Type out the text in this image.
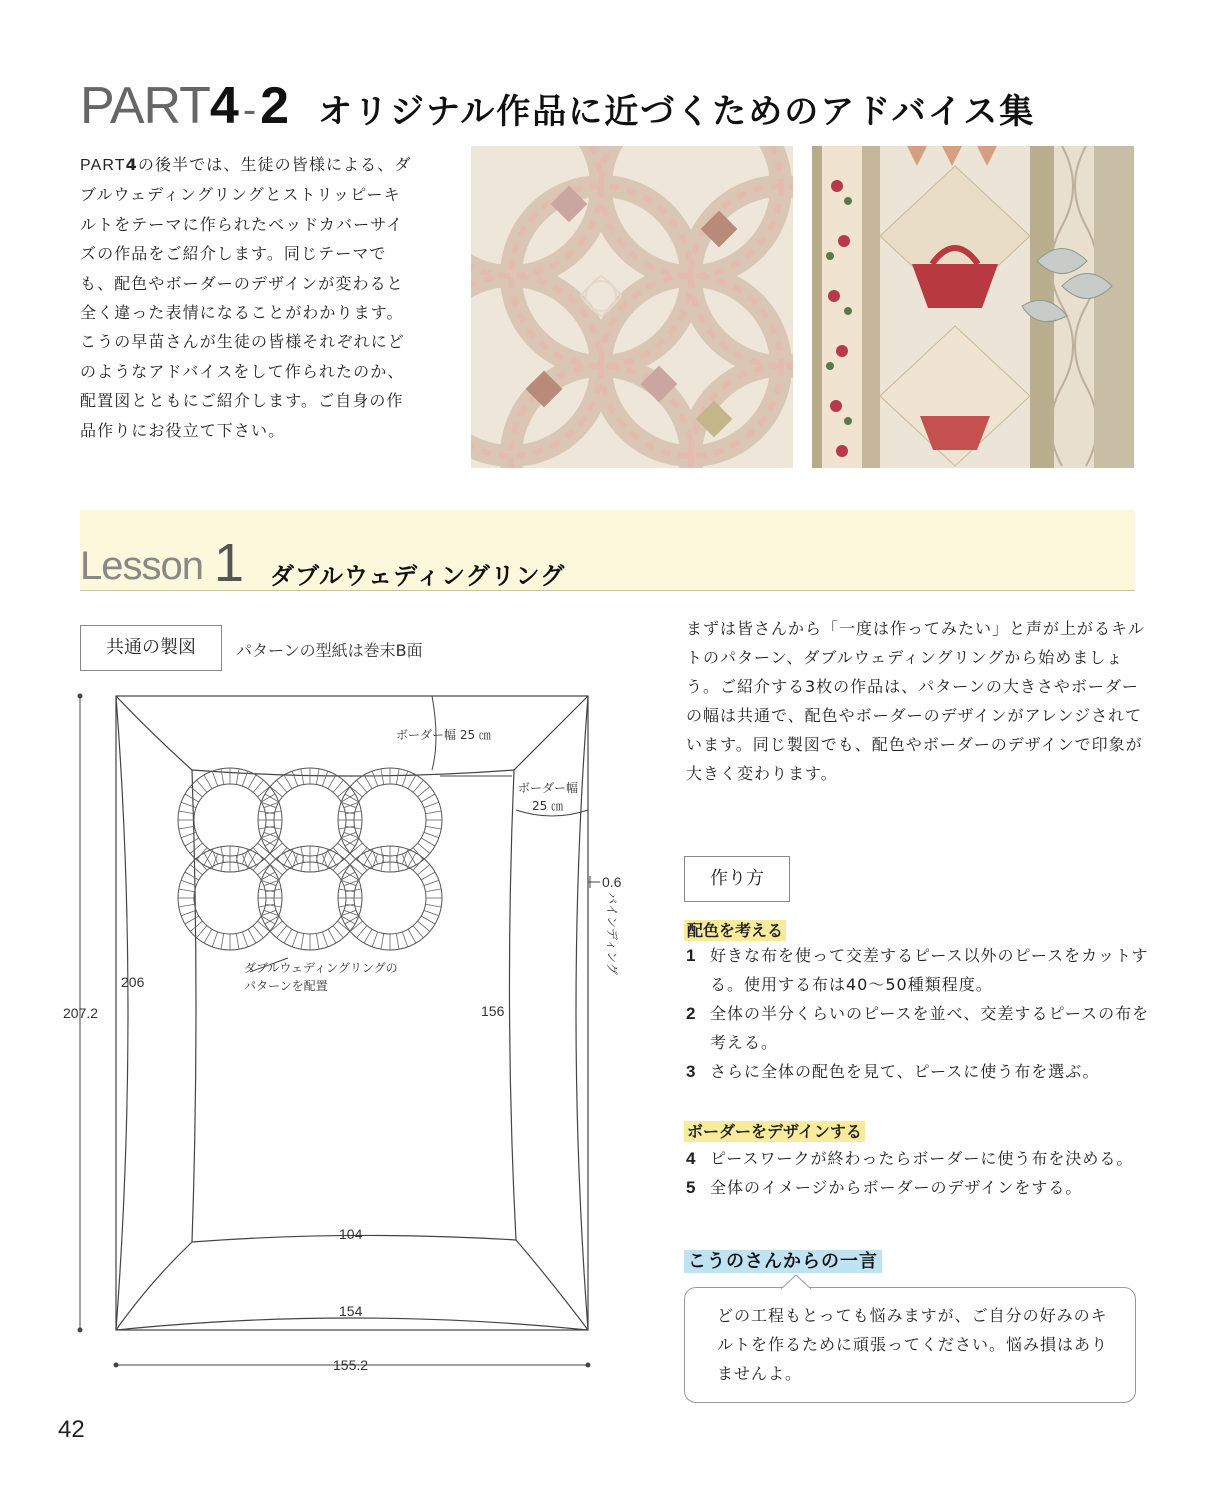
PART4 -2 オリジナル作品に近づくためのアドバイス集
PART4の後半では、生徒の皆様による、ダブルウェディングリングとストリッピーキルトをテーマに作られたベッドカバーサイズの作品をご紹介します。同じテーマでも、配色やボーダーのデザインが変わると全く違った表情になることがわかります。こうの早苗さんが生徒の皆様それぞれにどのようなアドバイスをして作られたのか、配置図とともにご紹介します。ご自身の作品作りにお役立て下さい。
Lesson 1 ダブルウェディングリング
共通の製図	パターンの型紙は巻末B面
207.2
206
156
104
154
155.2
0.6
バインディング
ボーダー幅 25 ㎝
ボーダー幅
25 ㎝
ダブルウェディングリングの
パターンを配置
まずは皆さんから「一度は作ってみたい」と声が上がるキルトのパターン、ダブルウェディングリングから始めましょう。ご紹介する3枚の作品は、パターンの大きさやボーダーの幅は共通で、配色やボーダーのデザインがアレンジされています。同じ製図でも、配色やボーダーのデザインで印象が大きく変わります。
作り方
配色を考える
1 好きな布を使って交差するピース以外のピースをカットする。使用する布は40〜50種類程度。
2 全体の半分くらいのピースを並べ、交差するピースの布を考える。
3 さらに全体の配色を見て、ピースに使う布を選ぶ。
ボーダーをデザインする
4 ピースワークが終わったらボーダーに使う布を決める。
5 全体のイメージからボーダーのデザインをする。
こうのさんからの一言
どの工程もとっても悩みますが、ご自分の好みのキルトを作るために頑張ってください。悩み損はありませんよ。
42
